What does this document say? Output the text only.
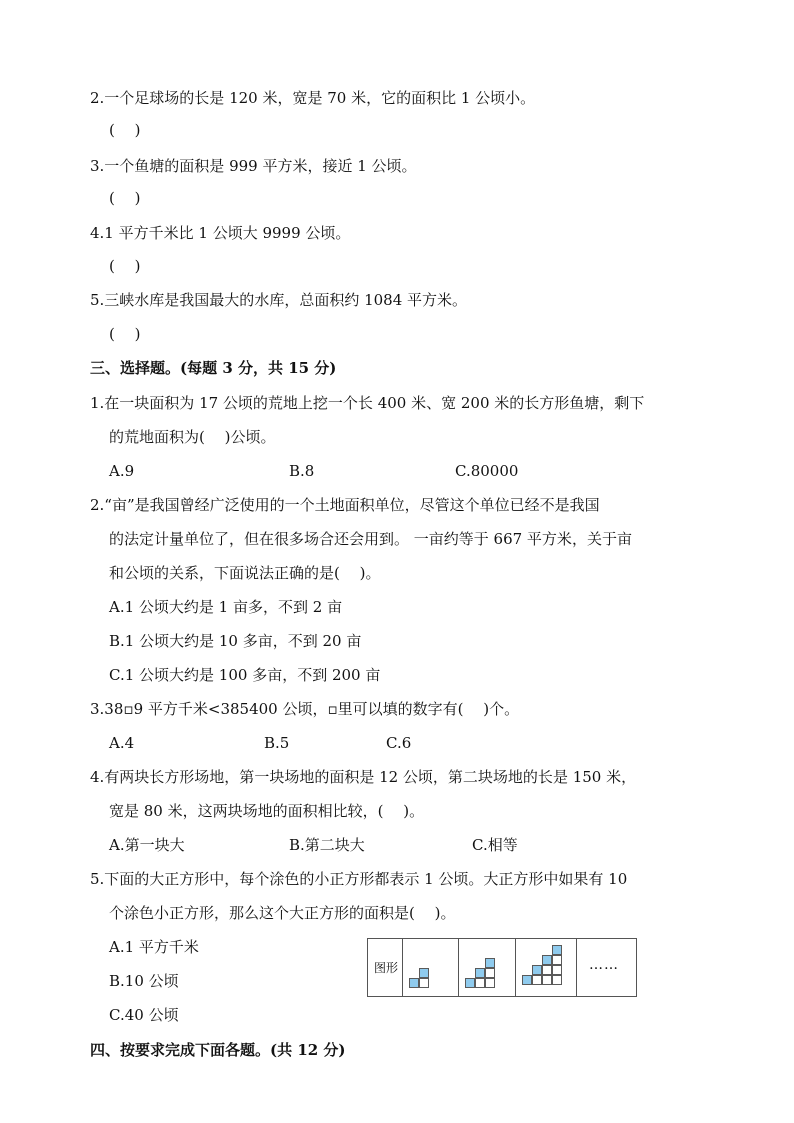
2.一个足球场的长是 120 米，宽是 70 米，它的面积比 1 公顷小。
(　 )
3.一个鱼塘的面积是 999 平方米，接近 1 公顷。
(　 )
4.1 平方千米比 1 公顷大 9999 公顷。
(　 )
5.三峡水库是我国最大的水库，总面积约 1084 平方米。
(　 )
三、选择题。(每题 3 分，共 15 分)
1.在一块面积为 17 公顷的荒地上挖一个长 400 米、宽 200 米的长方形鱼塘，剩下
的荒地面积为(　 )公顷。
A.9	B.8	C.80000
2.“亩”是我国曾经广泛使用的一个土地面积单位，尽管这个单位已经不是我国
的法定计量单位了，但在很多场合还会用到。 一亩约等于 667 平方米，关于亩
和公顷的关系，下面说法正确的是(　 )。
A.1 公顷大约是 1 亩多，不到 2 亩
B.1 公顷大约是 10 多亩，不到 20 亩
C.1 公顷大约是 100 多亩，不到 200 亩
3.38▫9 平方千米<385400 公顷，▫里可以填的数字有(　 )个。
A.4	B.5	C.6
4.有两块长方形场地，第一块场地的面积是 12 公顷，第二块场地的长是 150 米，
宽是 80 米，这两块场地的面积相比较，(　 )。
A.第一块大	B.第二块大	C.相等
5.下面的大正方形中，每个涂色的小正方形都表示 1 公顷。大正方形中如果有 10
个涂色小正方形，那么这个大正方形的面积是(　 )。
A.1 平方千米
B.10 公顷
C.40 公顷
图形	……
四、按要求完成下面各题。(共 12 分)
